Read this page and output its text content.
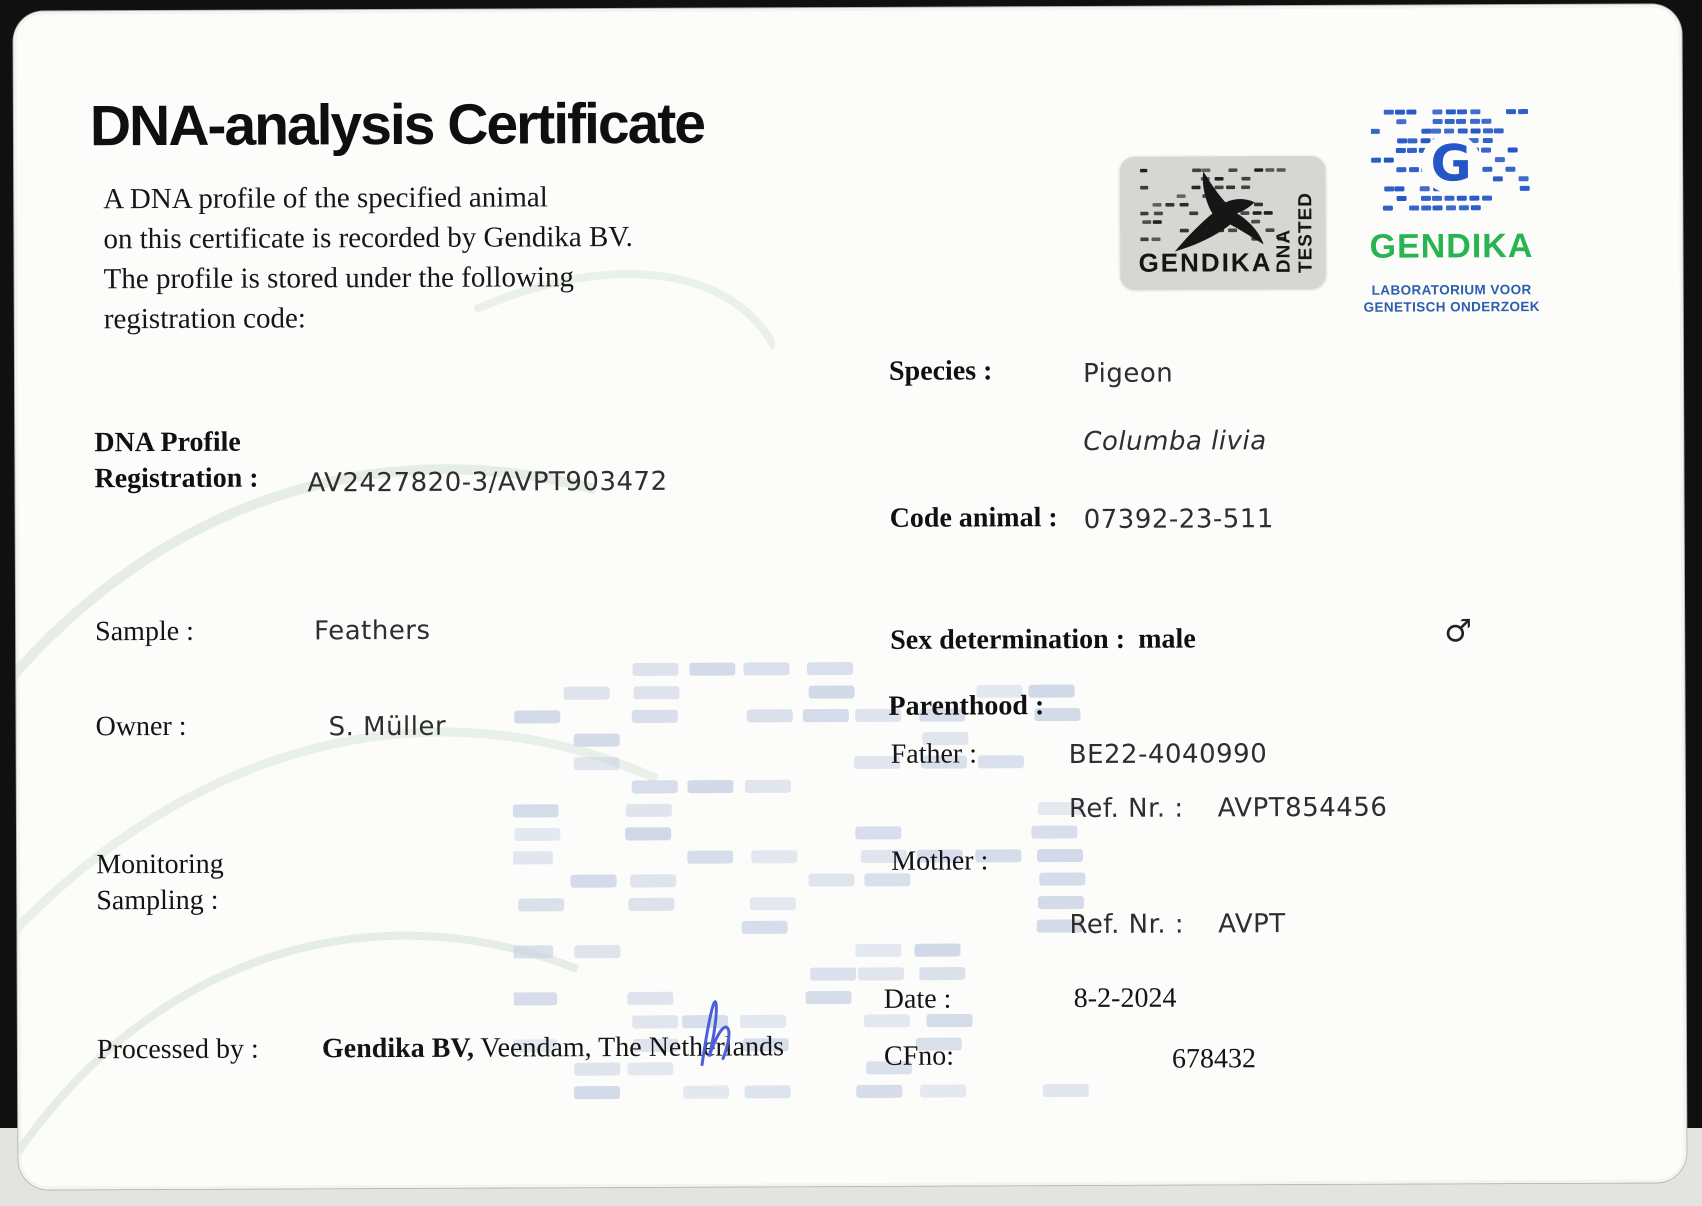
DNA-analysis Certificate
A DNA profile of the specified animal
on this certificate is recorded by Gendika BV.
The profile is stored under the following
registration code:
GENDIKA DNA TESTED
G
GENDIKA
LABORATORIUM VOOR
GENETISCH ONDERZOEK
DNA Profile
Registration : AV2427820-3/AVPT903472
Sample :	Feathers
Owner :	S. Müller
Monitoring
Sampling :
Processed by : Gendika BV, Veendam, The Netherlands
Species :	Pigeon
Columba livia
Code animal : 07392-23-511
Sex determination : male	♂
Parenthood :
Father :	BE22-4040990
Ref. Nr. : AVPT854456
Mother :
Ref. Nr. : AVPT
Date :	8-2-2024
CFno:	678432
